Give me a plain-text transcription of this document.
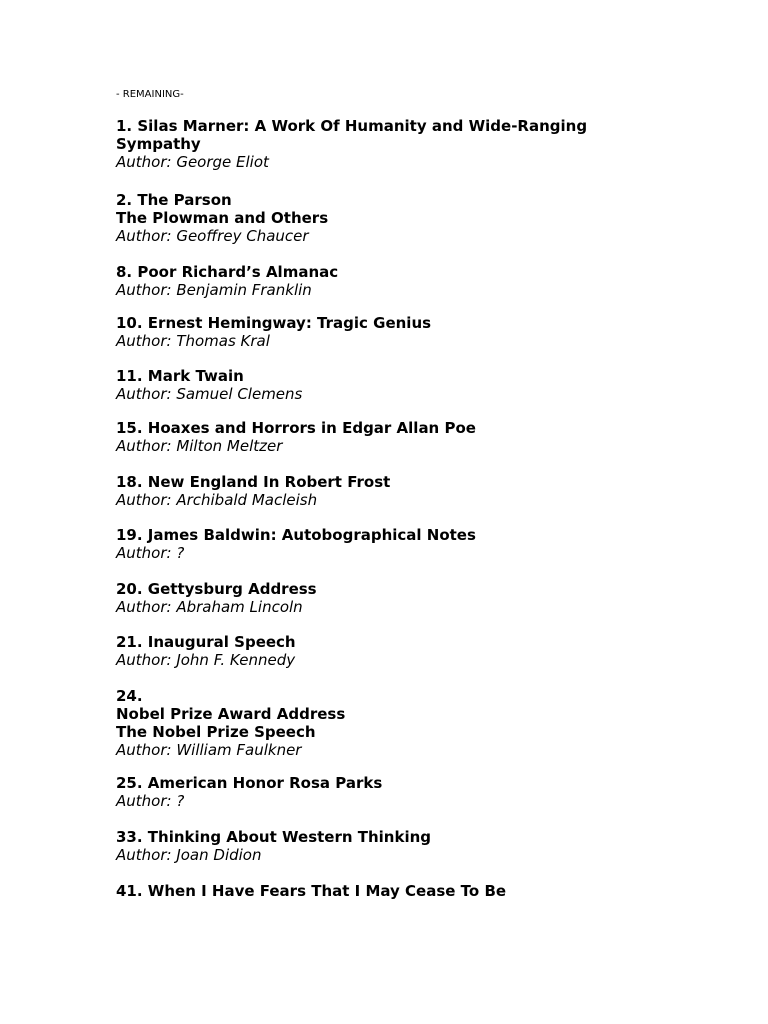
- REMAINING-
1. Silas Marner: A Work Of Humanity and Wide-Ranging
Sympathy
Author: George Eliot
2. The Parson
The Plowman and Others
Author: Geoffrey Chaucer
8. Poor Richard’s Almanac
Author: Benjamin Franklin
10. Ernest Hemingway: Tragic Genius
Author: Thomas Kral
11. Mark Twain
Author: Samuel Clemens
15. Hoaxes and Horrors in Edgar Allan Poe
Author: Milton Meltzer
18. New England In Robert Frost
Author: Archibald Macleish
19. James Baldwin: Autobographical Notes
Author: ?
20. Gettysburg Address
Author: Abraham Lincoln
21. Inaugural Speech
Author: John F. Kennedy
24.
Nobel Prize Award Address
The Nobel Prize Speech
Author: William Faulkner
25. American Honor Rosa Parks
Author: ?
33. Thinking About Western Thinking
Author: Joan Didion
41. When I Have Fears That I May Cease To Be
